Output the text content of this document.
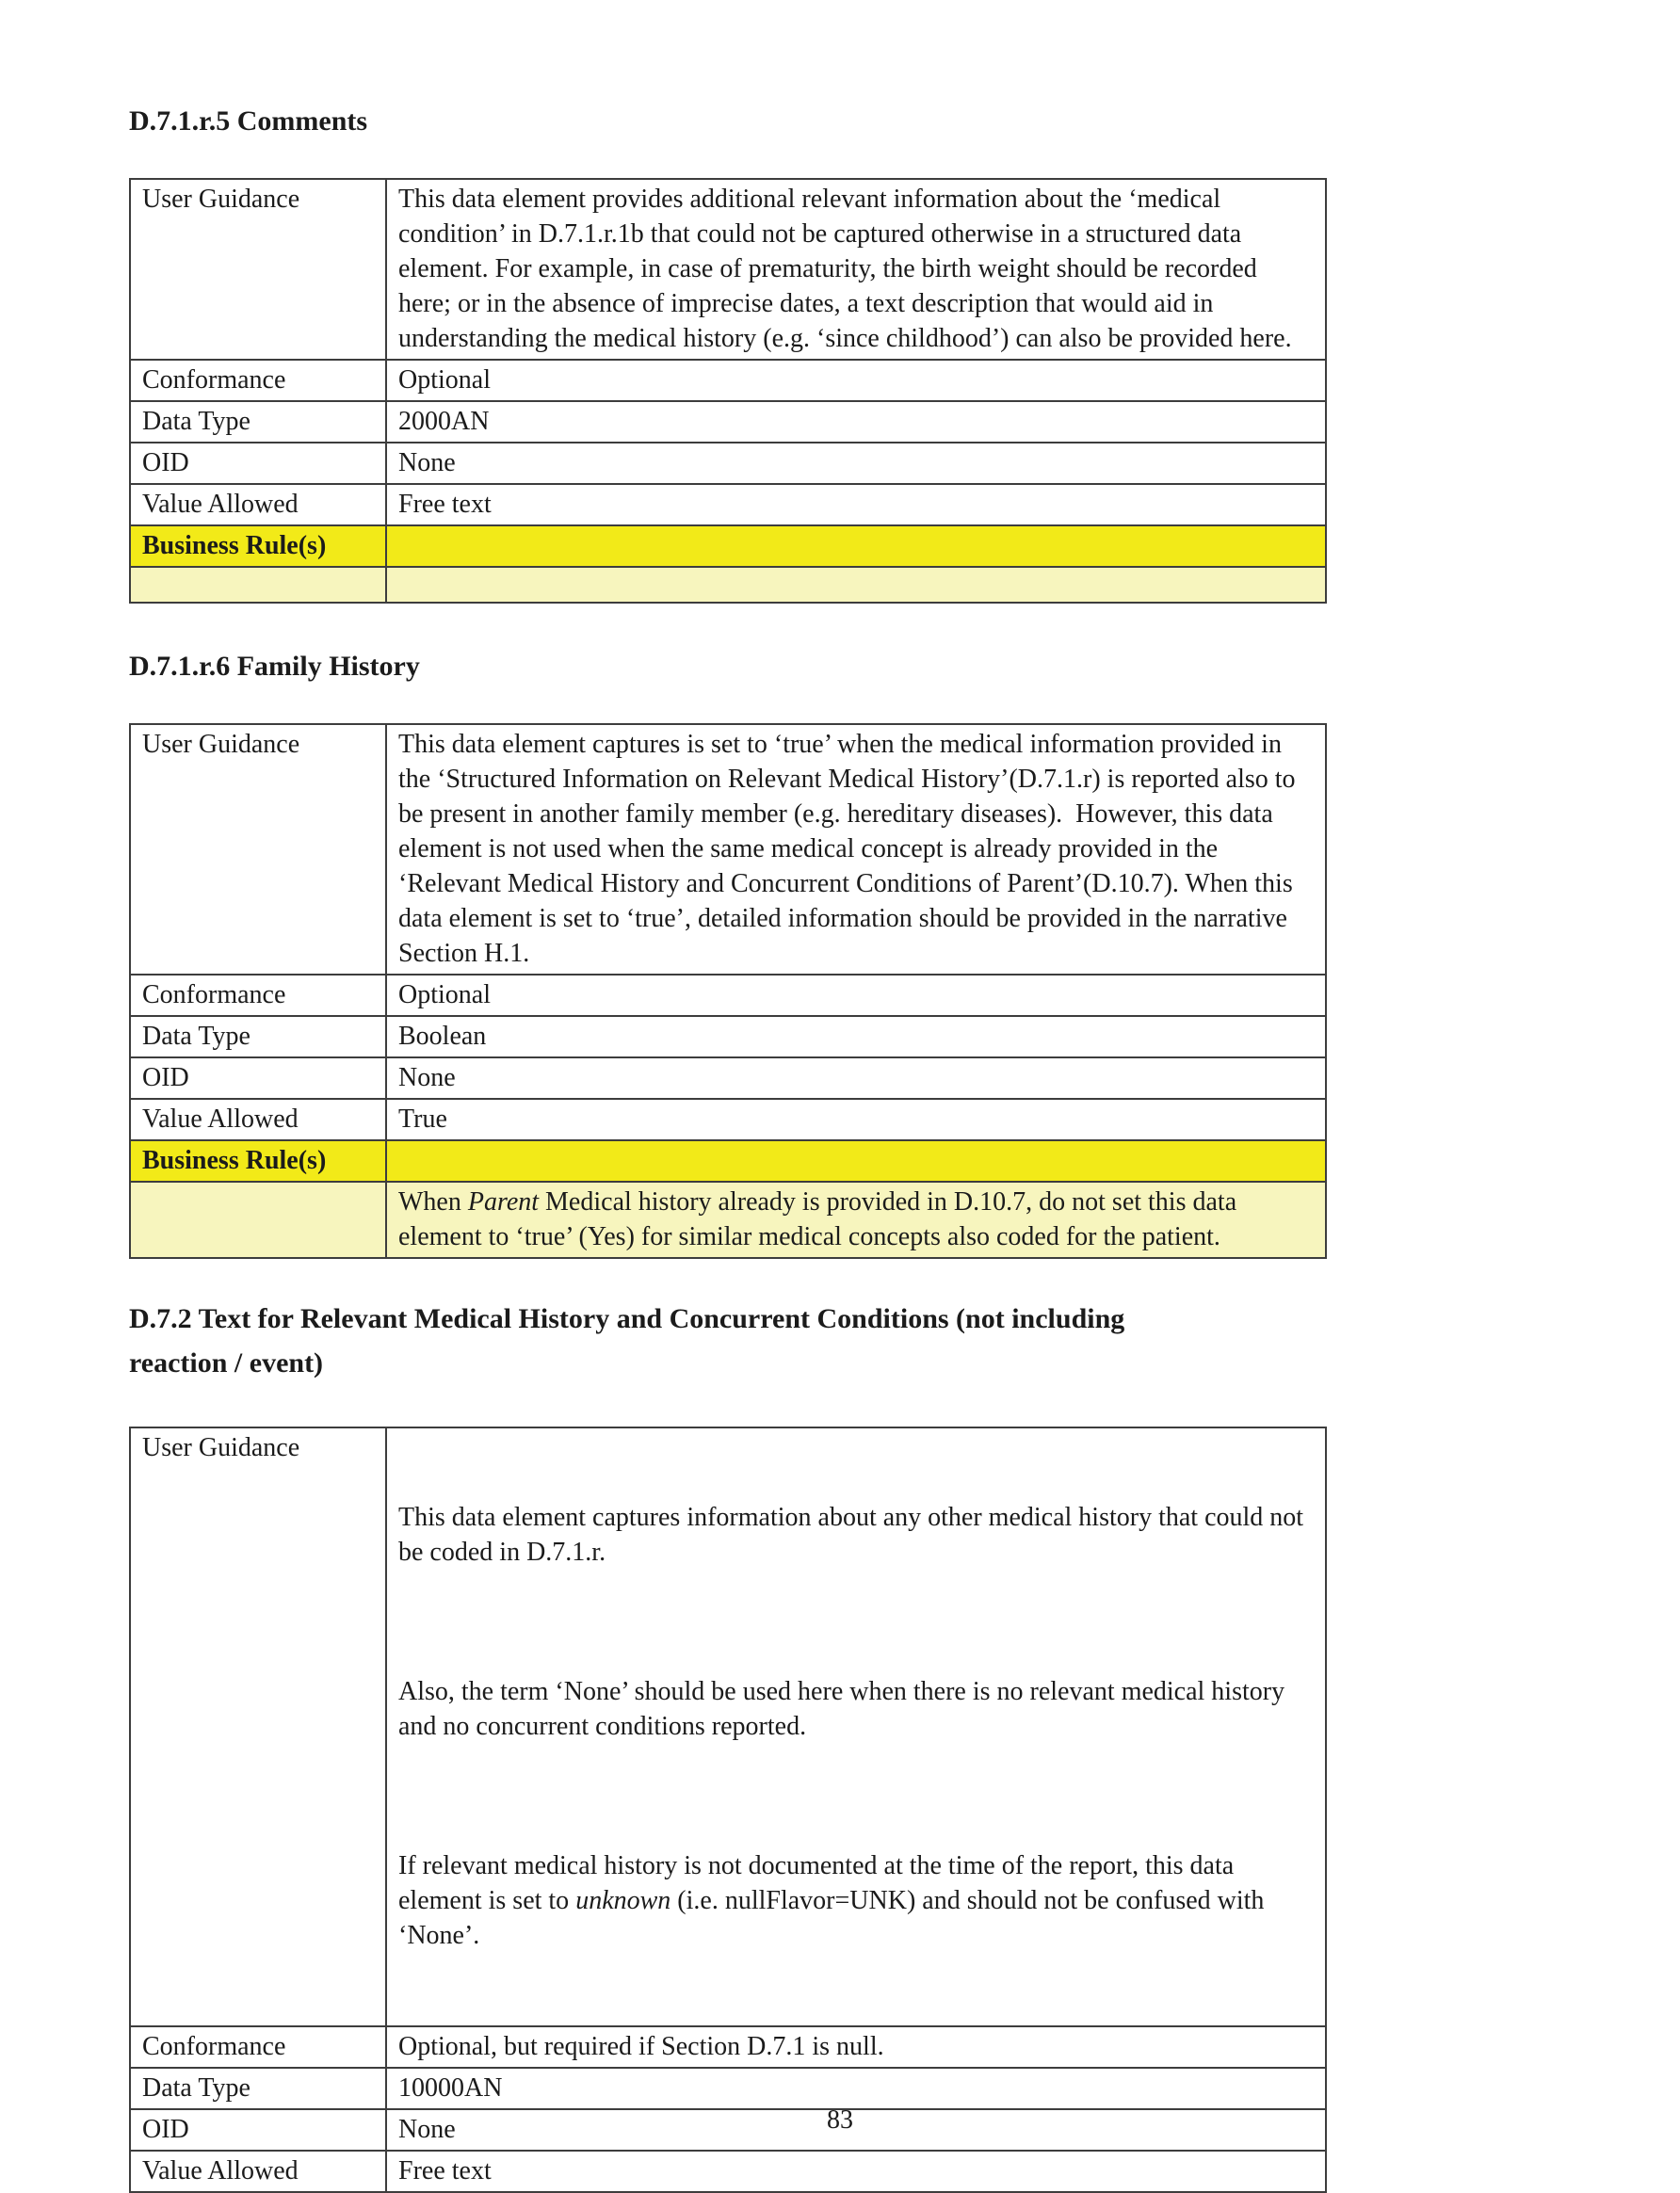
D.7.1.r.5 Comments
User Guidance	This data element provides additional relevant information about the ‘medical condition’ in D.7.1.r.1b that could not be captured otherwise in a structured data element. For example, in case of prematurity, the birth weight should be recorded here; or in the absence of imprecise dates, a text description that would aid in understanding the medical history (e.g. ‘since childhood’) can also be provided here.
Conformance	Optional
Data Type	2000AN
OID	None
Value Allowed	Free text
Business Rule(s)	

D.7.1.r.6 Family History
User Guidance	This data element captures is set to ‘true’ when the medical information provided in the ‘Structured Information on Relevant Medical History’(D.7.1.r) is reported also to be present in another family member (e.g. hereditary diseases).  However, this data element is not used when the same medical concept is already provided in the ‘Relevant Medical History and Concurrent Conditions of Parent’(D.10.7). When this data element is set to ‘true’, detailed information should be provided in the narrative Section H.1.
Conformance	Optional
Data Type	Boolean
OID	None
Value Allowed	True
Business Rule(s)	
	When Parent Medical history already is provided in D.10.7, do not set this data element to ‘true’ (Yes) for similar medical concepts also coded for the patient.
D.7.2 Text for Relevant Medical History and Concurrent Conditions (not including
reaction / event)
User Guidance	This data element captures information about any other medical history that could not be coded in D.7.1.r.

Also, the term ‘None’ should be used here when there is no relevant medical history and no concurrent conditions reported.

If relevant medical history is not documented at the time of the report, this data element is set to unknown (i.e. nullFlavor=UNK) and should not be confused with ‘None’.

Conformance	Optional, but required if Section D.7.1 is null.
Data Type	10000AN
OID	None
Value Allowed	Free text
83
